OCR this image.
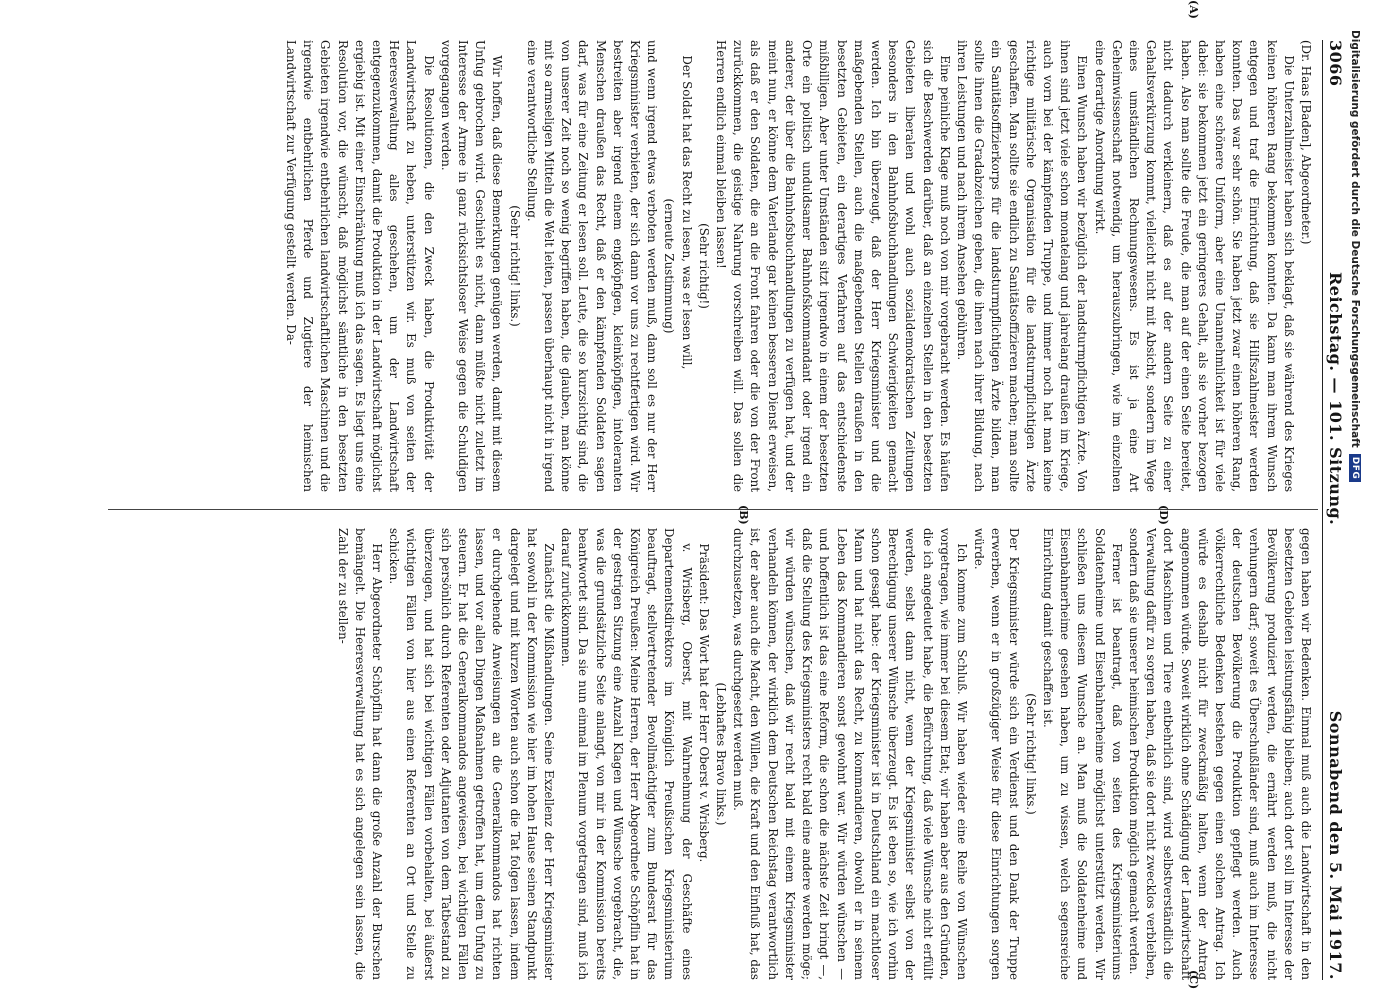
3066
Reichstag. — 101. Sitzung.
Sonnabend den 5. Mai 1917.
(A)
(B)
(C)
(D)

(Dr. Haas [Baden], Abgeordneter.)

Die Unterzahlmeister haben sich beklagt, daß sie während des Krieges keinen höheren Rang bekommen konnten. Da kann man ihrem Wunsch entgegen und traf die Einrichtung, daß sie Hilfszahlmeister werden konnten. Das war sehr schön. Sie haben jetzt zwar einen höheren Rang, haben eine schönere Uniform, aber eine Unannehmlichkeit ist für viele dabei: sie bekommen jetzt ein geringeres Gehalt, als sie vorher bezogen haben. Also man sollte die Freude, die man auf der einen Seite bereitet, nicht dadurch verkleinern, daß es auf der andern Seite zu einer Gehaltsverkürzung kommt, vielleicht nicht mit Absicht, sondern im Wege eines umständlichen Rechnungswesens. Es ist ja eine Art Geheimwissenschaft notwendig, um herauszubringen, wie im einzelnen eine derartige Anordnung wirkt.

Einen Wunsch haben wir bezüglich der landsturmpflichtigen Ärzte. Von ihnen sind jetzt viele schon monatelang und jahrelang draußen im Kriege, auch vorn bei der kämpfenden Truppe, und immer noch hat man keine richtige militärische Organisation für die landsturmpflichtigen Ärzte geschaffen. Man sollte sie endlich zu Sanitätsoffizieren machen; man sollte ein Sanitätsoffizierkorps für die landsturmpflichtigen Ärzte bilden, man sollte ihnen die Gradabzeichen geben, die ihnen nach ihrer Bildung, nach ihren Leistungen und nach ihrem Ansehen gebühren.

Eine peinliche Klage muß noch von mir vorgebracht werden. Es häufen sich die Beschwerden darüber, daß an einzelnen Stellen in den besetzten Gebieten liberalen und wohl auch sozialdemokratischen Zeitungen besonders in den Bahnhofsbuchhandlungen Schwierigkeiten gemacht werden. Ich bin überzeugt, daß der Herr Kriegsminister und die maßgebenden Stellen, auch die maßgebenden Stellen draußen in den besetzten Gebieten, ein derartiges Verfahren auf das entschiedenste mißbilligen. Aber unter Umständen sitzt irgendwo in einem der besetzten Orte ein politisch unduldsamer Bahnhofskommandant oder irgend ein anderer, der über die Bahnhofsbuchhandlungen zu verfügen hat, und der meint nun, er könne dem Vaterlande gar keinen besseren Dienst erweisen, als daß er den Soldaten, die an die Front fahren oder die von der Front zurückkommen, die geistige Nahrung vorschreiben will. Das sollen die Herren endlich einmal bleiben lassen!

(Sehr richtig!)

Der Soldat hat das Recht zu lesen, was er lesen will,

(erneute Zustimmung)

und wenn irgend etwas verboten werden muß, dann soll es nur der Herr Kriegsminister verbieten, der sich dann vor uns zu rechtfertigen wird. Wir bestreiten aber irgend einem engköpfigen, kleinköpfigen, intoleranten Menschen draußen das Recht, daß er den kämpfenden Soldaten sagen darf, was für eine Zeitung er lesen soll. Leute, die so kurzsichtig sind, die von unserer Zeit noch so wenig begriffen haben, die glauben, man könne mit so armseligen Mitteln die Welt leiten, passen überhaupt nicht in irgend eine verantwortliche Stellung.

(Sehr richtig! links.)

Wir hoffen, daß diese Bemerkungen genügen werden, damit mit diesem Unfug gebrochen wird. Geschieht es nicht, dann müßte nicht zuletzt im Interesse der Armee in ganz rücksichtsloser Weise gegen die Schuldigen vorgegangen werden.

Die Resolutionen, die den Zweck haben, die Produktivität der Landwirtschaft zu heben, unterstützen wir. Es muß von seiten der Heeresverwaltung alles geschehen, um der Landwirtschaft entgegenzukommen, damit die Produktion in der Landwirtschaft möglichst ergiebig ist. Mit einer Einschränkung muß ich das sagen. Es liegt uns eine Resolution vor, die wünscht, daß möglichst sämtliche in den besetzten Gebieten irgendwie entbehrlichen landwirtschaftlichen Maschinen und die irgendwie entbehrlichen Pferde und Zugtiere der heimischen Landwirtschaft zur Verfügung gestellt werden. Da-

gegen haben wir Bedenken. Einmal muß auch die Landwirtschaft in den besetzten Gebieten leistungsfähig bleiben; auch dort soll im Interesse der Bevölkerung produziert werden, die ernährt werden muß, die nicht verhungern darf; soweit es Überschußländer sind, muß auch im Interesse der deutschen Bevölkerung die Produktion gepflegt werden. Auch völkerrechtliche Bedenken bestehen gegen einen solchen Antrag. Ich würde es deshalb nicht für zweckmäßig halten, wenn der Antrag angenommen würde. Soweit wirklich ohne Schädigung der Landwirtschaft dort Maschinen und Tiere entbehrlich sind, wird selbstverständlich die Verwaltung dafür zu sorgen haben, daß sie dort nicht zwecklos verbleiben, sondern daß sie unserer heimischen Produktion möglich gemacht werden.

Ferner ist beantragt, daß von seiten des Kriegsministeriums Soldatenheime und Eisenbahnerheime möglichst unterstützt werden. Wir schließen uns diesem Wunsche an. Man muß die Soldatenheime und Eisenbahnerheime gesehen haben, um zu wissen, welch segensreiche Einrichtung damit geschaffen ist.

(Sehr richtig! links.)

Der Kriegsminister würde sich ein Verdienst und den Dank der Truppe erwerben, wenn er in großzügiger Weise für diese Einrichtungen sorgen würde.

Ich komme zum Schluß. Wir haben wieder eine Reihe von Wünschen vorgetragen, wie immer bei diesem Etat; wir haben aber aus den Gründen, die ich angedeutet habe, die Befürchtung, daß viele Wünsche nicht erfüllt werden, selbst dann nicht, wenn der Kriegsminister selbst von der Berechtigung unserer Wünsche überzeugt. Es ist eben so, wie ich vorhin schon gesagt habe: der Kriegsminister ist in Deutschland ein machtloser Mann und hat nicht das Recht, zu kommandieren, obwohl er in seinem Leben das Kommandieren sonst gewohnt war. Wir würden wünschen — und hoffentlich ist das eine Reform, die schon die nächste Zeit bringt —, daß die Stellung des Kriegsministers recht bald eine andere werden möge; wir würden wünschen, daß wir recht bald mit einem Kriegsminister verhandeln können, der wirklich dem Deutschen Reichstag verantwortlich ist, der aber auch die Macht, den Willen, die Kraft und den Einfluß hat, das durchzusetzen, was durchgesetzt werden muß.

(Lebhaftes Bravo links.)

Präsident: Das Wort hat der Herr Oberst v. Wrisberg.

v. Wrisberg, Oberst, mit Wahrnehmung der Geschäfte eines Departementsdirektors im Königlich Preußischen Kriegsministerium beauftragt, stellvertretender Bevollmächtigter zum Bundesrat für das Königreich Preußen: Meine Herren, der Herr Abgeordnete Schöpflin hat in der gestrigen Sitzung eine Anzahl Klagen und Wünsche vorgebracht, die, was die grundsätzliche Seite anlangt, von mir in der Kommission bereits beantwortet sind. Da sie nun einmal im Plenum vorgetragen sind, muß ich darauf zurückkommen.

Zunächst die Mißhandlungen. Seine Exzellenz der Herr Kriegsminister hat sowohl in der Kommission wie hier im hohen Hause seinen Standpunkt dargelegt und mit kurzen Worten auch schon die Tat folgen lassen, indem er durchgehende Anweisungen an die Generalkommandos hat richten lassen, und vor allen Dingen Maßnahmen getroffen hat, um dem Unfug zu steuern. Er hat die Generalkommandos angewiesen, bei wichtigen Fällen sich persönlich durch Referenten oder Adjutanten von dem Tatbestand zu überzeugen, und hat sich bei wichtigen Fällen vorbehalten, bei äußerst wichtigen Fällen von hier aus einen Referenten an Ort und Stelle zu schicken.

Herr Abgeordneter Schöpflin hat dann die große Anzahl der Burschen bemängelt. Die Heeresverwaltung hat es sich angelegen sein lassen, die Zahl der zu stellen-

Digitalisierung gefördert durch die Deutsche Forschungsgemeinschaft
DFG
